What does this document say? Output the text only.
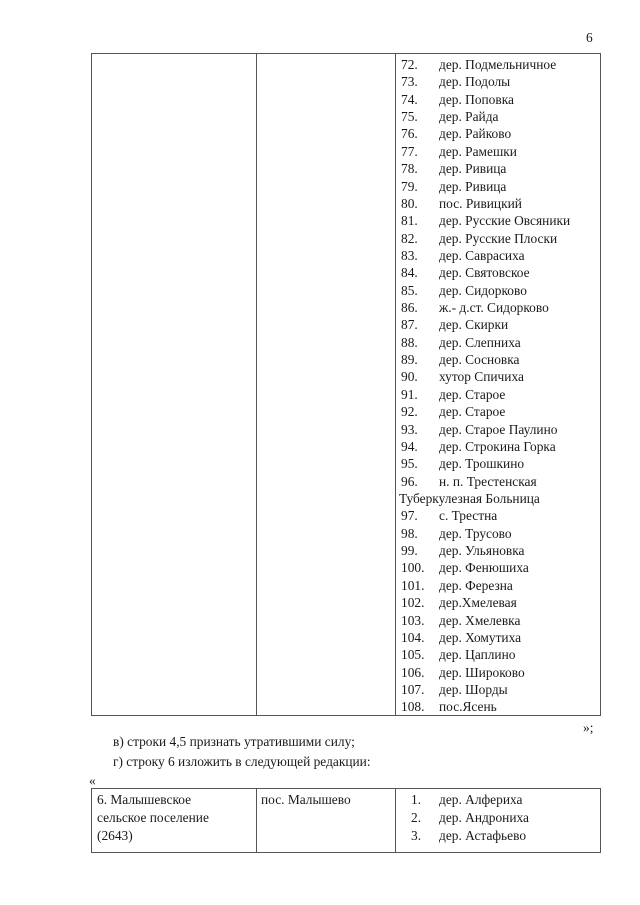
6
72. дер. Подмельничное
73. дер. Подолы
74. дер. Поповка
75. дер. Райда
76. дер. Райково
77. дер. Рамешки
78. дер. Ривица
79. дер. Ривица
80. пос. Ривицкий
81. дер. Русские Овсяники
82. дер. Русские Плоски
83. дер. Саврасиха
84. дер. Святовское
85. дер. Сидорково
86. ж.- д.ст. Сидорково
87. дер. Скирки
88. дер. Слепниха
89. дер. Сосновка
90. хутор Спичиха
91. дер. Старое
92. дер. Старое
93. дер. Старое Паулино
94. дер. Строкина Горка
95. дер. Трошкино
96. н. п. Трестенская
Туберкулезная Больница
97. с. Трестна
98. дер. Трусово
99. дер. Ульяновка
100. дер. Фенюшиха
101. дер. Ферезна
102. дер.Хмелевая
103. дер. Хмелевка
104. дер. Хомутиха
105. дер. Цаплино
106. дер. Широково
107. дер. Шорды
108. пос.Ясень
»;
в) строки 4,5 признать утратившими силу;
г) строку 6 изложить в следующей редакции:
«
6. Малышевское
сельское поселение
(2643)
пос. Малышево	1. дер. Алфериха
2. дер. Андрониха
3. дер. Астафьево
